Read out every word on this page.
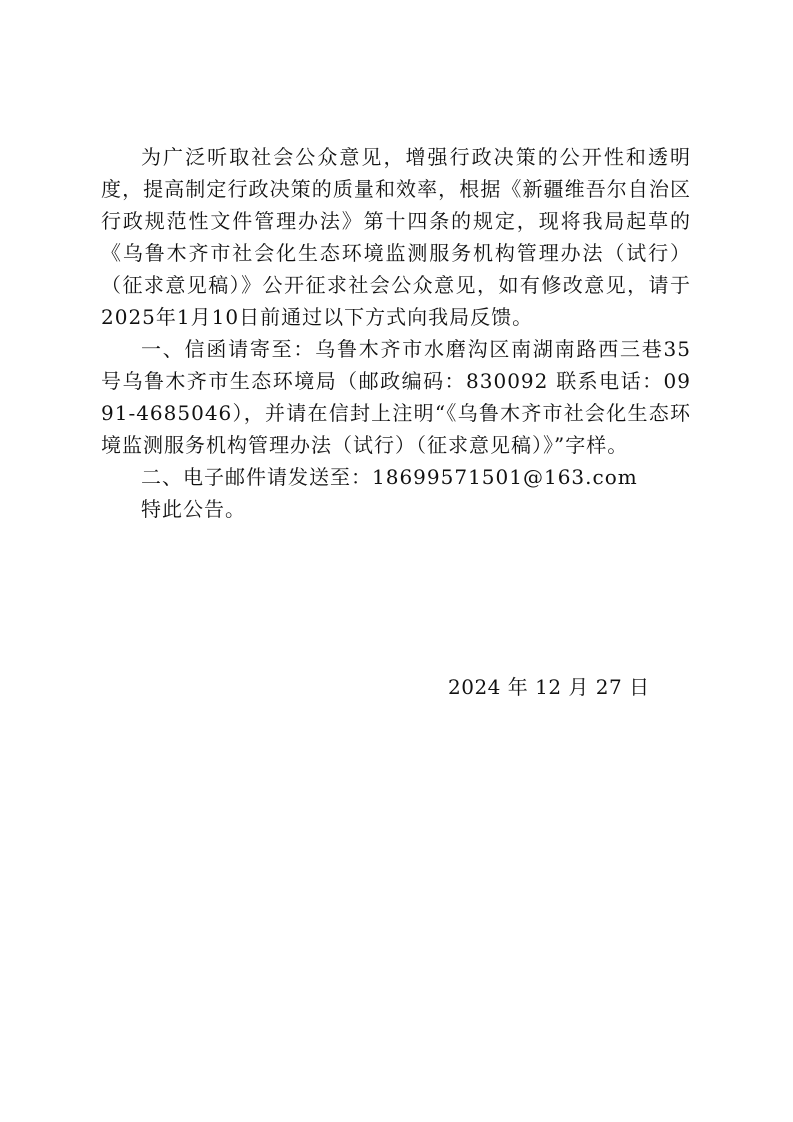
为广泛听取社会公众意见，增强行政决策的公开性和透明度，提高制定行政决策的质量和效率，根据《新疆维吾尔自治区行政规范性文件管理办法》第十四条的规定，现将我局起草的《乌鲁木齐市社会化生态环境监测服务机构管理办法（试行）（征求意见稿）》公开征求社会公众意见，如有修改意见，请于2025年1月10日前通过以下方式向我局反馈。

一、信函请寄至：乌鲁木齐市水磨沟区南湖南路西三巷35号乌鲁木齐市生态环境局（邮政编码：830092 联系电话：0991-4685046），并请在信封上注明“《乌鲁木齐市社会化生态环境监测服务机构管理办法（试行）（征求意见稿）》”字样。

二、电子邮件请发送至：18699571501@163.com

特此公告。

2024 年 12 月 27 日
